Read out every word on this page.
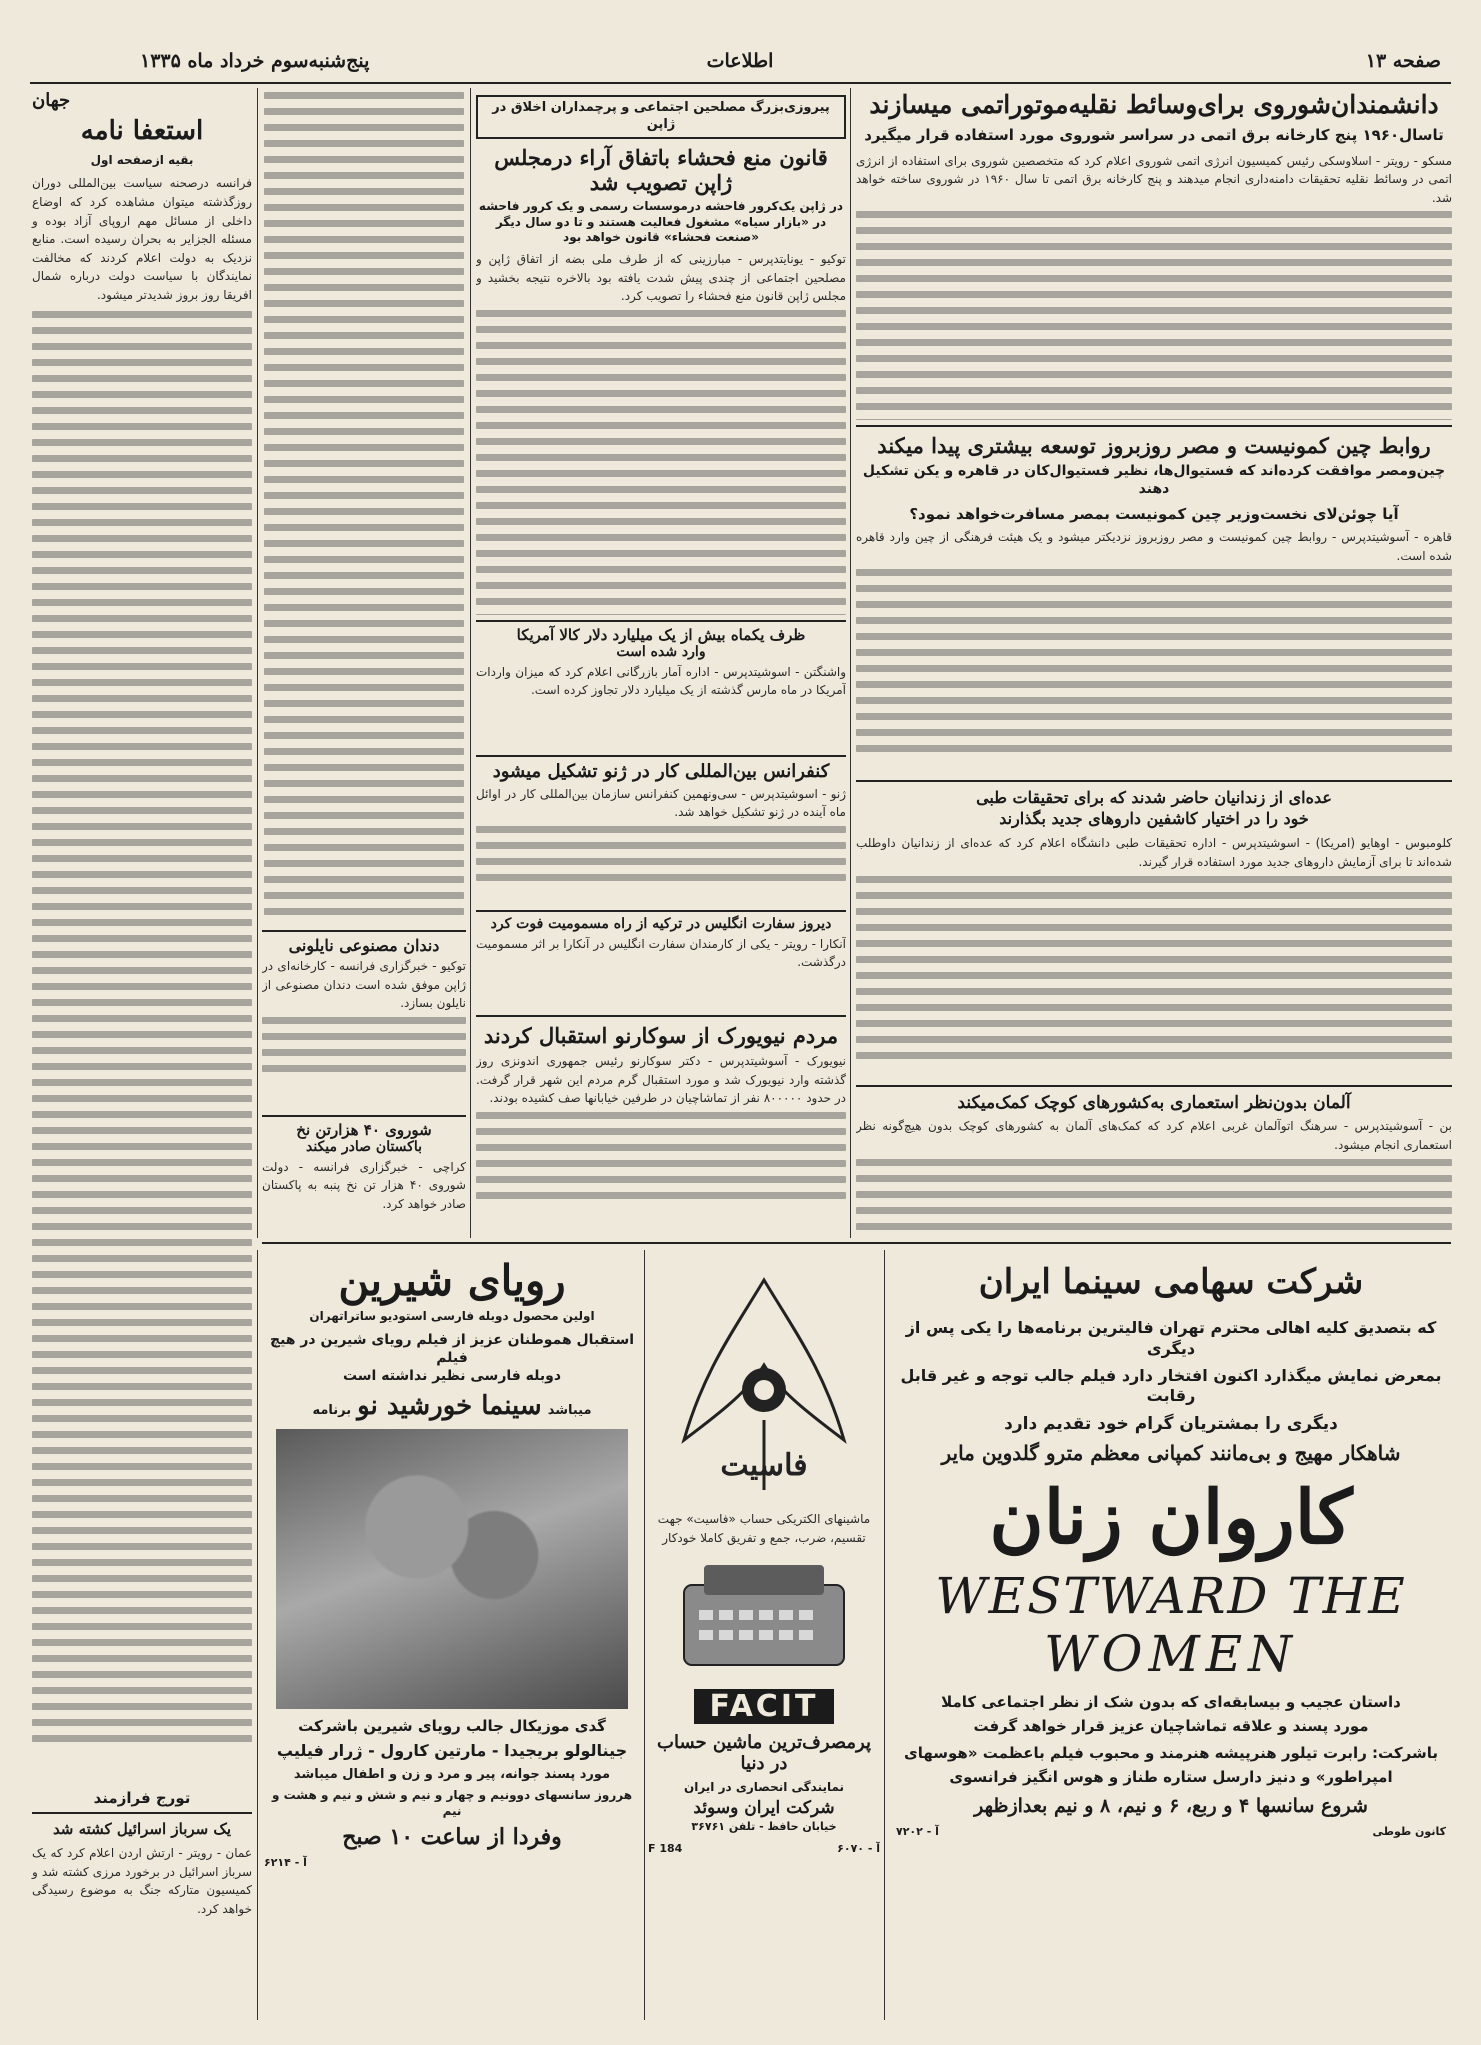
صفحه ۱۳
اطلاعات
پنج‌شنبه‌سوم خرداد ماه ۱۳۳۵
جهان
استعفا نامه
بقیه ازصفحه اول
فرانسه درصحنه سیاست بین‌المللی دوران روزگذشته میتوان مشاهده کرد که اوضاع داخلی از مسائل مهم اروپای آزاد بوده و مسئله الجزایر به بحران رسیده است. منابع نزدیک به دولت اعلام کردند که مخالفت نمایندگان با سیاست دولت درباره شمال افریقا روز بروز شدیدتر میشود.
تورج فرازمند
یک سرباز اسرائیل کشته شد
عمان - رویتر - ارتش اردن اعلام کرد که یک سرباز اسرائیل در برخورد مرزی کشته شد و کمیسیون متارکه جنگ به موضوع رسیدگی خواهد کرد.
دانشمندان‌شوروی برای‌وسائط نقلیه‌موتوراتمی میسازند
تاسال۱۹۶۰ پنج کارخانه برق اتمی در سراسر شوروی مورد استفاده قرار میگیرد
مسکو - رویتر - اسلاوسکی رئیس کمیسیون انرژی اتمی شوروی اعلام کرد که متخصصین شوروی برای استفاده از انرژی اتمی در وسائط نقلیه تحقیقات دامنه‌داری انجام میدهند و پنج کارخانه برق اتمی تا سال ۱۹۶۰ در شوروی ساخته خواهد شد.
روابط چین کمونیست و مصر روزبروز توسعه بیشتری پیدا میکند
چین‌ومصر موافقت کرده‌اند که‌ فستیوال‌ها، نظیر فستیوال‌کان در قاهره‌ و یکن تشکیل دهند
آیا چوئن‌لای نخست‌وزیر چین کمونیست بمصر مسافرت‌خواهد نمود؟
قاهره - آسوشیتدپرس - روابط چین کمونیست و مصر روزبروز نزدیکتر میشود و یک هیئت فرهنگی از چین وارد قاهره شده است.
عده‌ای از زندانیان حاضر شدند که برای تحقیقات طبی
خود را در اختیار کاشفین داروهای جدید بگذارند
کلومبوس - اوهایو (امریکا) - اسوشیتدپرس - اداره تحقیقات طبی دانشگاه اعلام کرد که عده‌ای از زندانیان داوطلب شده‌اند تا برای آزمایش داروهای جدید مورد استفاده قرار گیرند.
آلمان بدون‌نظر استعماری به‌کشورهای کوچک کمک‌میکند
بن - آسوشیتدپرس - سرهنگ اتوآلمان غربی اعلام کرد که کمک‌های آلمان به کشورهای کوچک بدون هیچ‌گونه نظر استعماری انجام میشود.
پیروزی‌بزرگ مصلحین اجتماعی و پرچمداران اخلاق در ژاپن
قانون منع فحشاء باتفاق آراء درمجلس ژاپن تصویب شد
در ژاپن یک‌کرور فاحشه درموسسات رسمی و یک کرور فاحشه در «بازار سیاه» مشغول فعالیت هستند و تا دو سال دیگر «صنعت فحشاء» قانون خواهد بود
توکیو - یونایتدپرس - مبارزینی که از طرف ملی بضه از اتفاق ژاپن و مصلحین اجتماعی از چندی پیش شدت یافته بود بالاخره نتیجه بخشید و مجلس ژاپن قانون منع فحشاء را تصویب کرد.
ظرف یکماه بیش از یک میلیارد دلار کالا آمریکا
وارد شده است
واشنگتن - اسوشیتدپرس - اداره آمار بازرگانی اعلام کرد که میزان واردات آمریکا در ماه مارس گذشته از یک میلیارد دلار تجاوز کرده است.
کنفرانس بین‌المللی کار در ژنو تشکیل میشود
ژنو - اسوشیتدپرس - سی‌و‌نهمین کنفرانس سازمان بین‌المللی کار در اوائل ماه آینده در ژنو تشکیل خواهد شد.
دیروز سفارت انگلیس در ترکیه از راه مسمومیت فوت کرد
آنکارا - رویتر - یکی از کارمندان سفارت انگلیس در آنکارا بر اثر مسمومیت درگذشت.
دندان مصنوعی نایلونی
توکیو - خبرگزاری فرانسه - کارخانه‌ای در ژاپن موفق شده است دندان مصنوعی از نایلون بسازد.
شوروی ۴۰ هزارتن نخ
باکستان صادر میکند
کراچی - خبرگزاری فرانسه - دولت شوروی ۴۰ هزار تن نخ پنبه به پاکستان صادر خواهد کرد.
مردم نیویورک از سوکارنو استقبال کردند
نیویورک - آسوشیتدپرس - دکتر سوکارنو رئیس جمهوری اندونزی روز گذشته وارد نیویورک شد و مورد استقبال گرم مردم این شهر قرار گرفت. در حدود ۸۰۰۰۰۰ نفر از تماشاچیان در طرفین خیابانها صف کشیده بودند.
رویای شیرین
اولین محصول دوبله فارسی استودیو ساتراتهران
استقبال هموطنان عزیز از فیلم رویای شیرین در هیچ فیلم
دوبله فارسی نظیر نداشته است
برنامه سینما خورشید نو میباشد
گدی موزیکال جالب رویای شیرین باشرکت
جینالولو بریجیدا - مارتین کارول - ژرار فیلیپ
مورد پسند جوانه، پیر و مرد و زن و اطفال میباشد
هرروز سانسهای دوونیم و چهار و نیم و شش و نیم و هشت و نیم
وفردا از ساعت ۱۰ صبح
آ - ۶۲۱۴
فاسیت
ماشینهای الکتریکی حساب «فاسیت» جهت تقسیم، ضرب، جمع و تفریق کاملا خودکار
FACIT
پرمصرف‌ترین ماشین حساب در دنیا
نمایندگی انحصاری در ایران
شرکت ایران وسوئد
خیابان حافظ - تلفن ۳۶۷۶۱
F 184	آ - ۶۰۷۰
شرکت سهامی سینما ایران
که بتصدیق کلیه اهالی محترم تهران فالیترین برنامه‌ها را یکی پس از دیگری
بمعرض نمایش میگذارد اکنون افتخار دارد فیلم جالب توجه و غیر قابل رقابت
دیگری را بمشتریان گرام خود تقدیم دارد
شاهکار مهیج و بی‌مانند کمپانی معظم مترو گلدوین مایر
کاروان زنان
WESTWARD THE
WOMEN
داستان عجیب و بیسابقه‌ای که بدون شک از نظر اجتماعی کاملا
مورد پسند و علاقه تماشاچیان عزیز قرار خواهد گرفت
باشرکت: رابرت تیلور هنرپیشه هنرمند و محبوب فیلم باعظمت «هوسهای
امپراطور» و دنیز دارسل ستاره طناز و هوس انگیز فرانسوی
شروع سانسها ۴ و ربع، ۶ و نیم، ۸ و نیم بعدازظهر
آ - ۷۲۰۲	کانون طوطی
